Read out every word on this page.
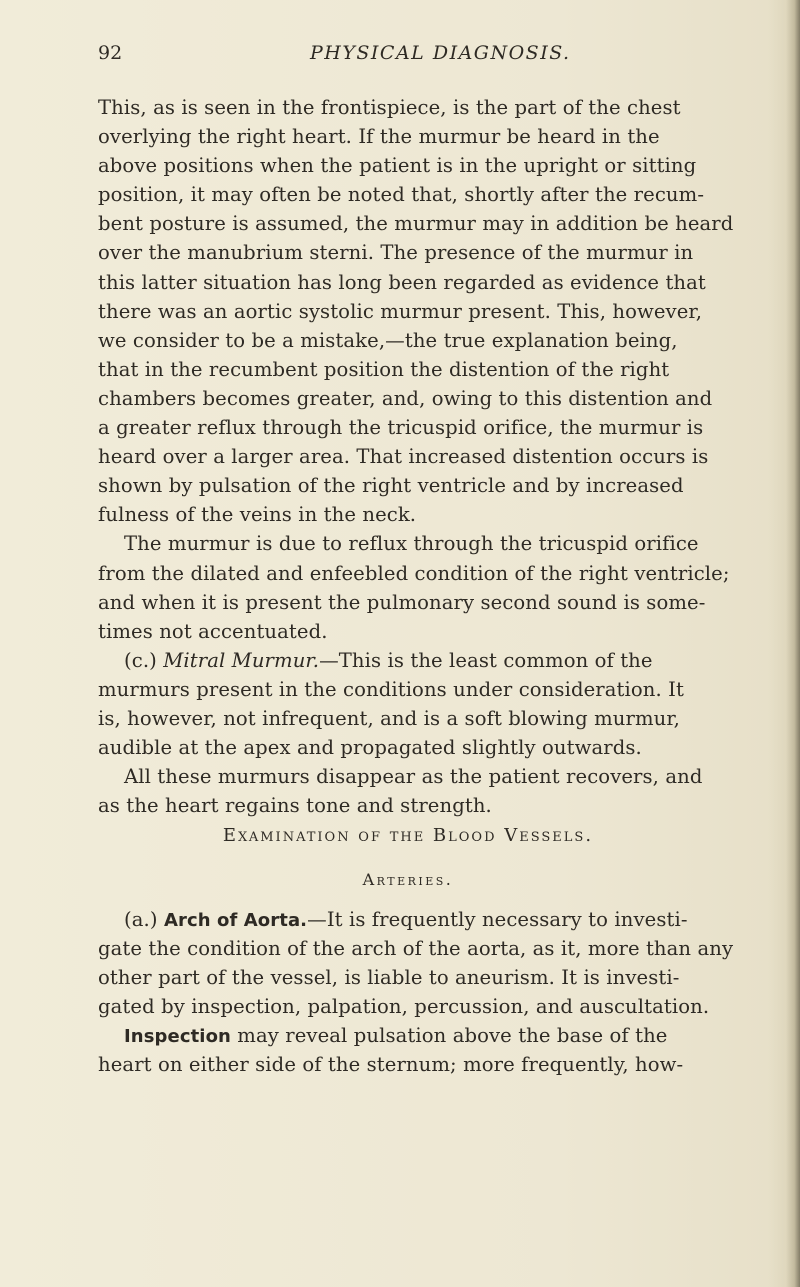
92	PHYSICAL DIAGNOSIS.
This, as is seen in the frontispiece, is the part of the chest
overlying the right heart. If the murmur be heard in the
above positions when the patient is in the upright or sitting
position, it may often be noted that, shortly after the recum-
bent posture is assumed, the murmur may in addition be heard
over the manubrium sterni. The presence of the murmur in
this latter situation has long been regarded as evidence that
there was an aortic systolic murmur present. This, however,
we consider to be a mistake,—the true explanation being,
that in the recumbent position the distention of the right
chambers becomes greater, and, owing to this distention and
a greater reflux through the tricuspid orifice, the murmur is
heard over a larger area. That increased distention occurs is
shown by pulsation of the right ventricle and by increased
fulness of the veins in the neck.
The murmur is due to reflux through the tricuspid orifice
from the dilated and enfeebled condition of the right ventricle;
and when it is present the pulmonary second sound is some-
times not accentuated.
(c.) Mitral Murmur.—This is the least common of the
murmurs present in the conditions under consideration. It
is, however, not infrequent, and is a soft blowing murmur,
audible at the apex and propagated slightly outwards.
All these murmurs disappear as the patient recovers, and
as the heart regains tone and strength.
Examination of the Blood Vessels.
Arteries.
(a.) Arch of Aorta.—It is frequently necessary to investi-
gate the condition of the arch of the aorta, as it, more than any
other part of the vessel, is liable to aneurism. It is investi-
gated by inspection, palpation, percussion, and auscultation.
Inspection may reveal pulsation above the base of the
heart on either side of the sternum; more frequently, how-
